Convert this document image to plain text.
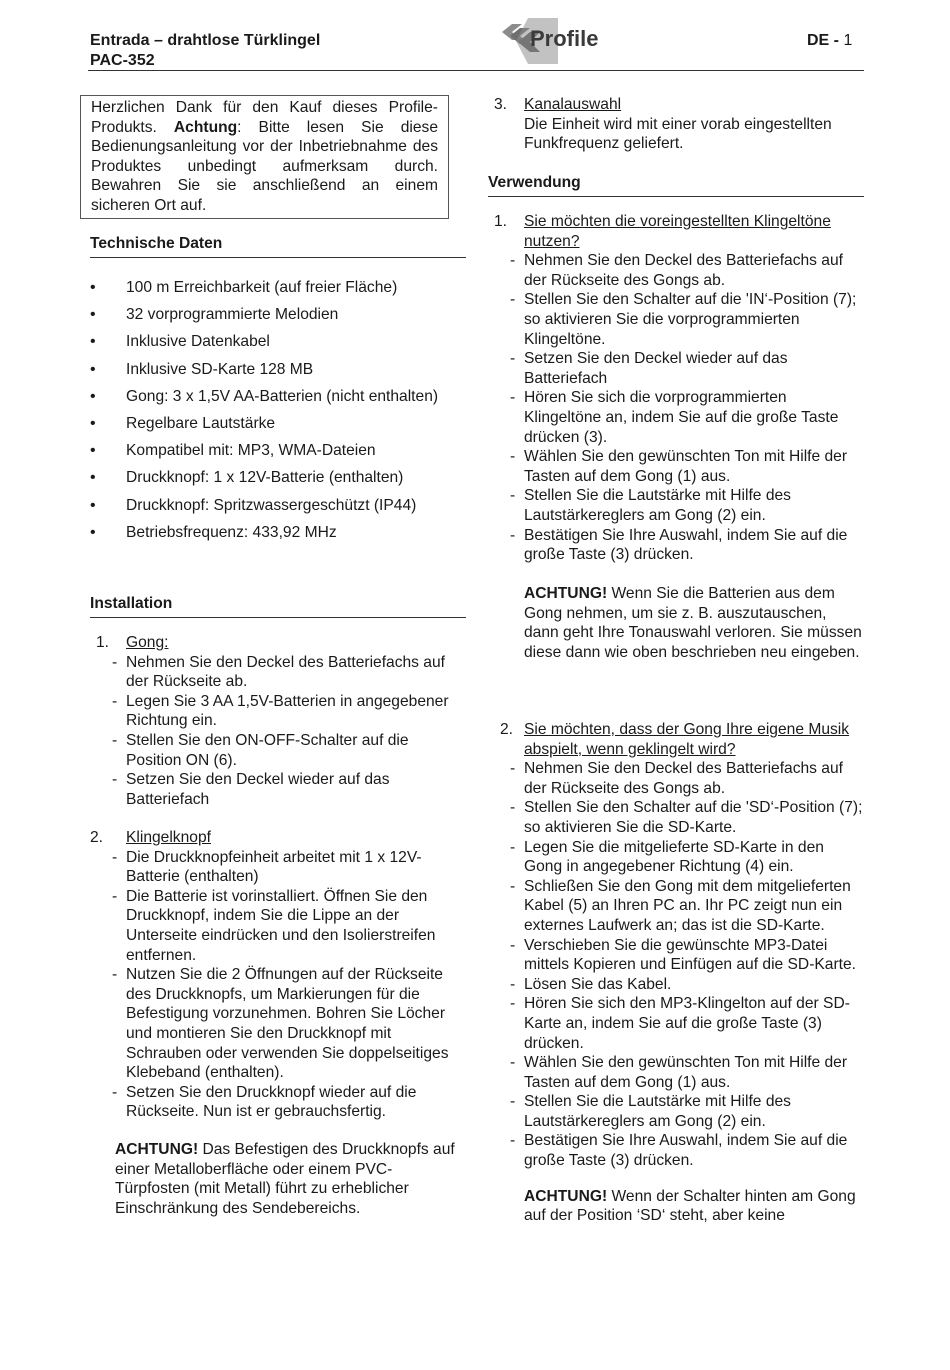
Entrada – drahtlose Türklingel
PAC-352
Profile	DE - 1
Herzlichen Dank für den Kauf dieses Profile-Produkts. Achtung: Bitte lesen Sie diese Bedienungsanleitung vor der Inbetriebnahme des Produktes unbedingt aufmerksam durch. Bewahren Sie sie anschließend an einem sicheren Ort auf.
Technische Daten
• 100 m Erreichbarkeit (auf freier Fläche)
• 32 vorprogrammierte Melodien
• Inklusive Datenkabel
• Inklusive SD-Karte 128 MB
• Gong: 3 x 1,5V AA-Batterien (nicht enthalten)
• Regelbare Lautstärke
• Kompatibel mit: MP3, WMA-Dateien
• Druckknopf: 1 x 12V-Batterie (enthalten)
• Druckknopf: Spritzwassergeschützt (IP44)
• Betriebsfrequenz: 433,92 MHz
Installation
1.	Gong:
- Nehmen Sie den Deckel des Batteriefachs auf der Rückseite ab.
- Legen Sie 3 AA 1,5V-Batterien in angegebener Richtung ein.
- Stellen Sie den ON-OFF-Schalter auf die Position ON (6).
- Setzen Sie den Deckel wieder auf das Batteriefach
2.	Klingelknopf
- Die Druckknopfeinheit arbeitet mit 1 x 12V-Batterie (enthalten)
- Die Batterie ist vorinstalliert. Öffnen Sie den Druckknopf, indem Sie die Lippe an der Unterseite eindrücken und den Isolierstreifen entfernen.
- Nutzen Sie die 2 Öffnungen auf der Rückseite des Druckknopfs, um Markierungen für die Befestigung vorzunehmen. Bohren Sie Löcher und montieren Sie den Druckknopf mit Schrauben oder verwenden Sie doppelseitiges Klebeband (enthalten).
- Setzen Sie den Druckknopf wieder auf die Rückseite. Nun ist er gebrauchsfertig.
ACHTUNG! Das Befestigen des Druckknopfs auf einer Metalloberfläche oder einem PVC-Türpfosten (mit Metall) führt zu erheblicher Einschränkung des Sendebereichs.
3.	Kanalauswahl
Die Einheit wird mit einer vorab eingestellten Funkfrequenz geliefert.
Verwendung
1.	Sie möchten die voreingestellten Klingeltöne nutzen?
- Nehmen Sie den Deckel des Batteriefachs auf der Rückseite des Gongs ab.
- Stellen Sie den Schalter auf die 'IN‘-Position (7); so aktivieren Sie die vorprogrammierten Klingeltöne.
- Setzen Sie den Deckel wieder auf das Batteriefach
- Hören Sie sich die vorprogrammierten Klingeltöne an, indem Sie auf die große Taste drücken (3).
- Wählen Sie den gewünschten Ton mit Hilfe der Tasten auf dem Gong (1) aus.
- Stellen Sie die Lautstärke mit Hilfe des Lautstärkereglers am Gong (2) ein.
- Bestätigen Sie Ihre Auswahl, indem Sie auf die große Taste (3) drücken.
ACHTUNG! Wenn Sie die Batterien aus dem Gong nehmen, um sie z. B. auszutauschen, dann geht Ihre Tonauswahl verloren. Sie müssen diese dann wie oben beschrieben neu eingeben.
2. Sie möchten, dass der Gong Ihre eigene Musik abspielt, wenn geklingelt wird?
- Nehmen Sie den Deckel des Batteriefachs auf der Rückseite des Gongs ab.
- Stellen Sie den Schalter auf die 'SD‘-Position (7); so aktivieren Sie die SD-Karte.
- Legen Sie die mitgelieferte SD-Karte in den Gong in angegebener Richtung (4) ein.
- Schließen Sie den Gong mit dem mitgelieferten Kabel (5) an Ihren PC an. Ihr PC zeigt nun ein externes Laufwerk an; das ist die SD-Karte.
- Verschieben Sie die gewünschte MP3-Datei mittels Kopieren und Einfügen auf die SD-Karte.
- Lösen Sie das Kabel.
- Hören Sie sich den MP3-Klingelton auf der SD-Karte an, indem Sie auf die große Taste (3) drücken.
- Wählen Sie den gewünschten Ton mit Hilfe der Tasten auf dem Gong (1) aus.
- Stellen Sie die Lautstärke mit Hilfe des Lautstärkereglers am Gong (2) ein.
- Bestätigen Sie Ihre Auswahl, indem Sie auf die große Taste (3) drücken.
ACHTUNG! Wenn der Schalter hinten am Gong auf der Position ‘SD‘ steht, aber keine
